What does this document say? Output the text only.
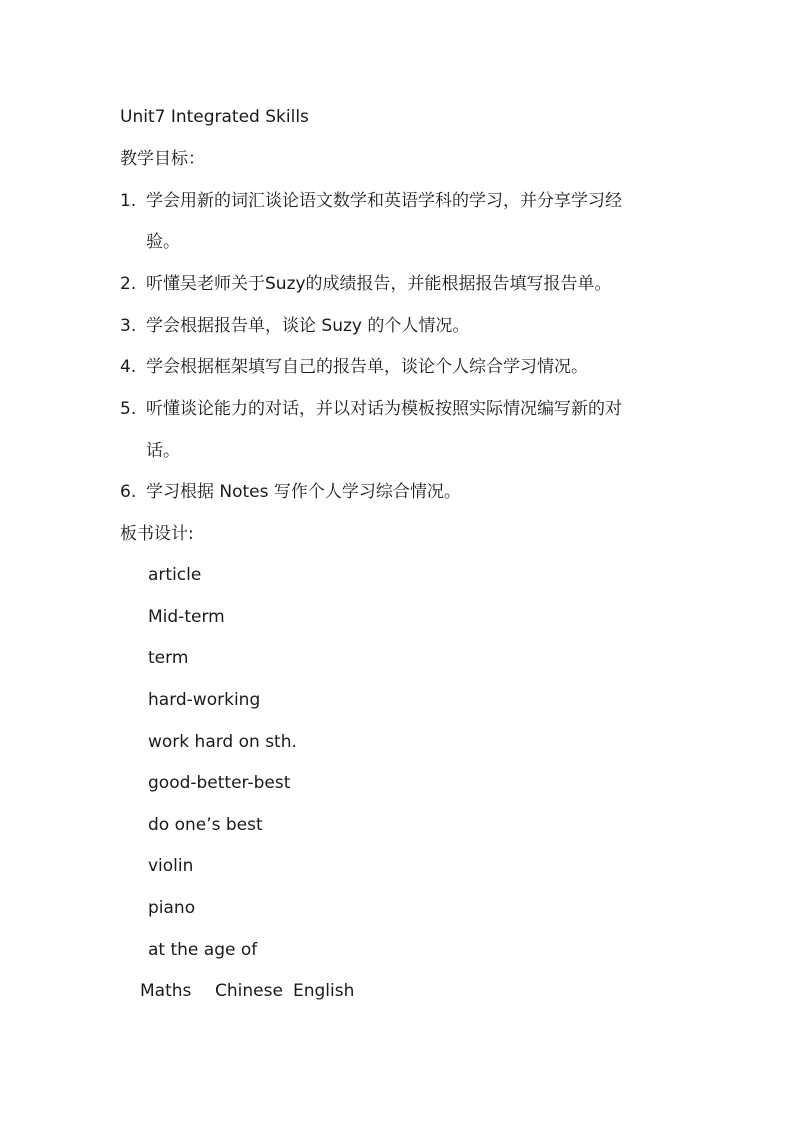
Unit7 Integrated Skills
教学目标：
1. 学会用新的词汇谈论语文数学和英语学科的学习，并分享学习经
验。
2. 听懂吴老师关于Suzy的成绩报告，并能根据报告填写报告单。
3. 学会根据报告单，谈论 Suzy 的个人情况。
4. 学会根据框架填写自己的报告单，谈论个人综合学习情况。
5. 听懂谈论能力的对话，并以对话为模板按照实际情况编写新的对
话。
6. 学习根据 Notes 写作个人学习综合情况。
板书设计:
article
Mid-term
term
hard-working
work hard on sth.
good-better-best
do one’s best
violin
piano
at the age of
Maths Chinese English
